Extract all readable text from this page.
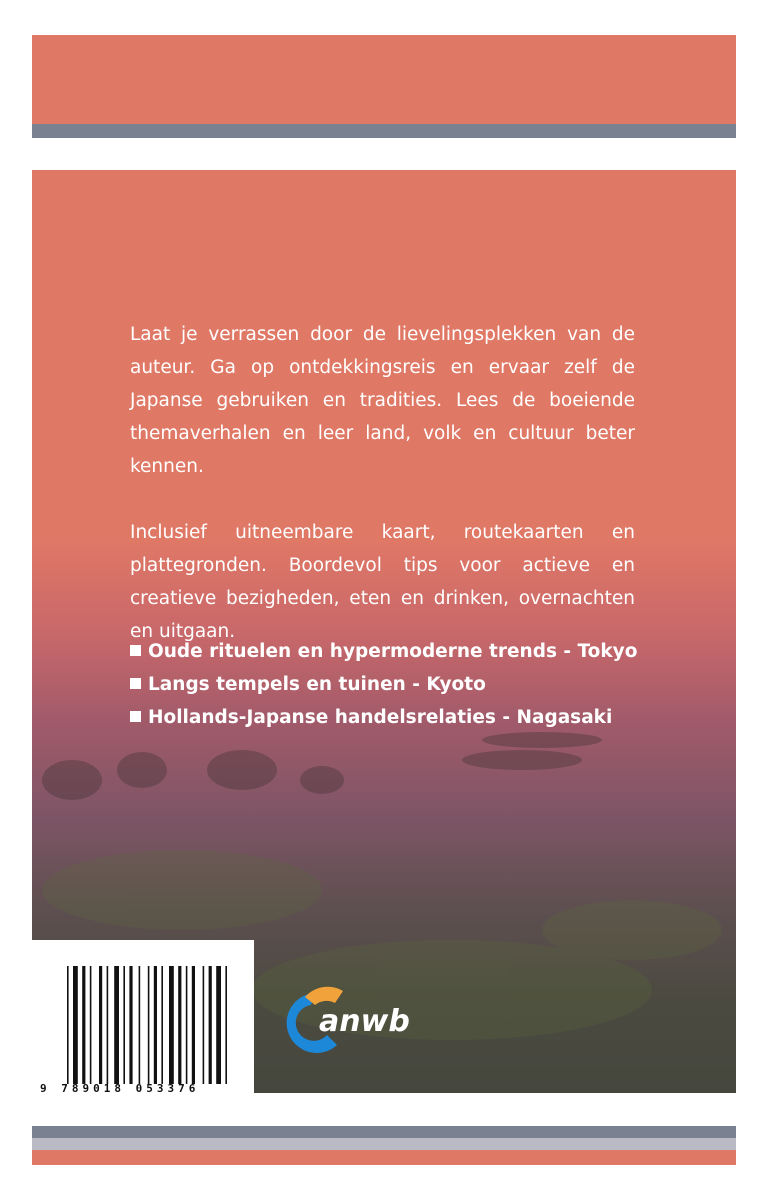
Laat je verrassen door de lievelingsplekken van de auteur. Ga op ontdekkingsreis en ervaar zelf de Japanse gebruiken en tradities. Lees de boeiende themaverhalen en leer land, volk en cultuur beter kennen.

Inclusief uitneembare kaart, routekaarten en plattegronden. Boordevol tips voor actieve en creatieve bezigheden, eten en drinken, overnachten en uitgaan.

Oude rituelen en hypermoderne trends - Tokyo
Langs tempels en tuinen - Kyoto
Hollands-Japanse handelsrelaties - Nagasaki
9 789018 053376
anwb
